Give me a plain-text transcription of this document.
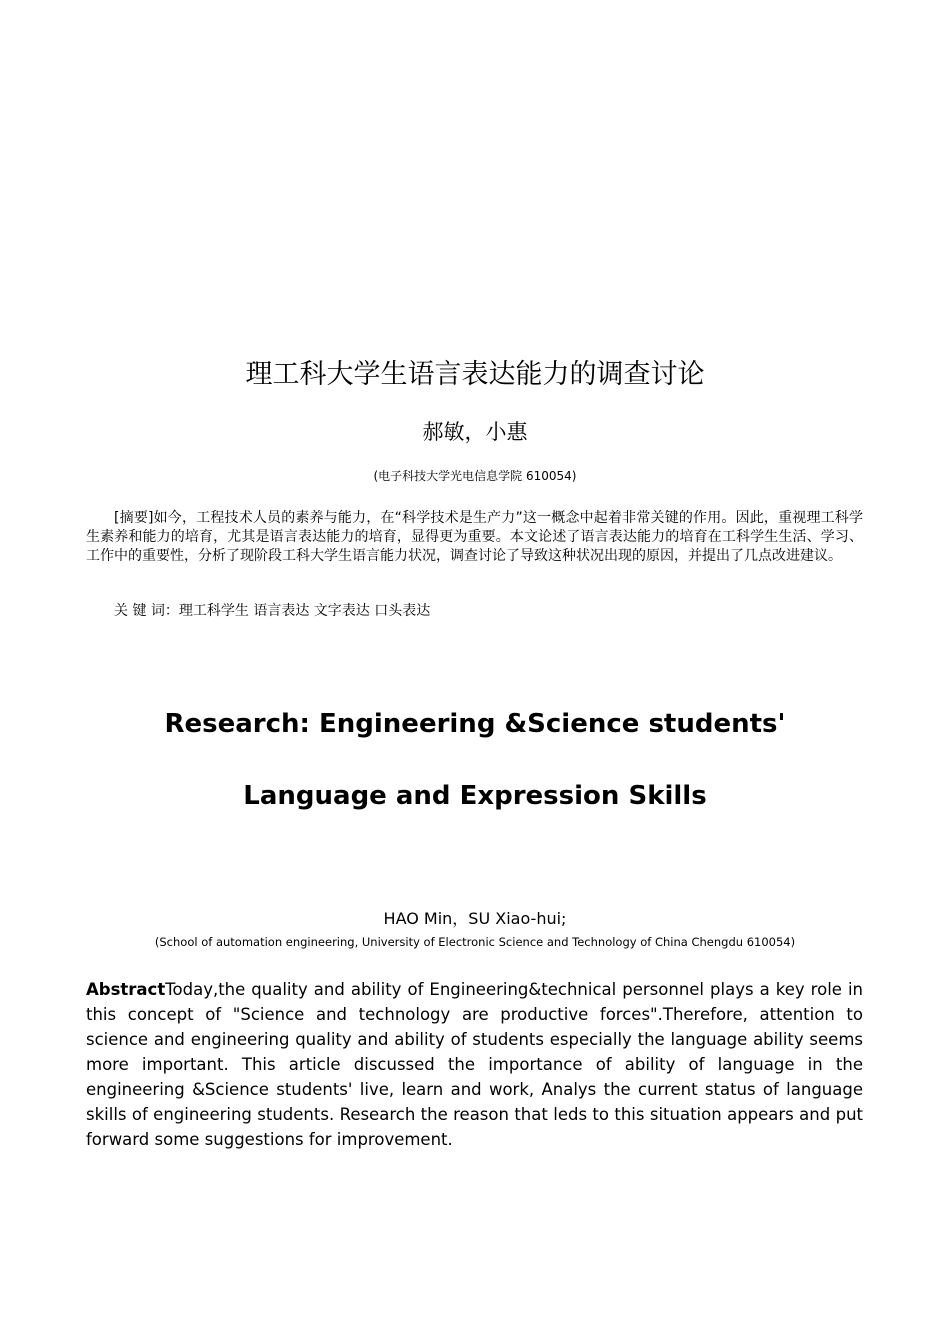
理工科大学生语言表达能力的调查讨论
郝敏，小惠
(电子科技大学光电信息学院 610054)
[摘要]如今，工程技术人员的素养与能力，在“科学技术是生产力”这一概念中起着非常关键的作用。因此，重视理工科学生素养和能力的培育，尤其是语言表达能力的培育，显得更为重要。本文论述了语言表达能力的培育在工科学生生活、学习、工作中的重要性，分析了现阶段工科大学生语言能力状况，调查讨论了导致这种状况出现的原因，并提出了几点改进建议。
关 键 词：理工科学生 语言表达 文字表达 口头表达
Research: Engineering &Science students'
Language and Expression Skills
HAO Min，SU Xiao-hui;
(School of automation engineering, University of Electronic Science and Technology of China Chengdu 610054)
AbstractToday,the quality and ability of Engineering&technical personnel plays a key role in this concept of "Science and technology are productive forces".Therefore, attention to science and engineering quality and ability of students especially the language ability seems more important. This article discussed the importance of ability of language in the engineering &Science students' live, learn and work, Analys the current status of language skills of engineering students. Research the reason that leds to this situation appears and put forward some suggestions for improvement.
